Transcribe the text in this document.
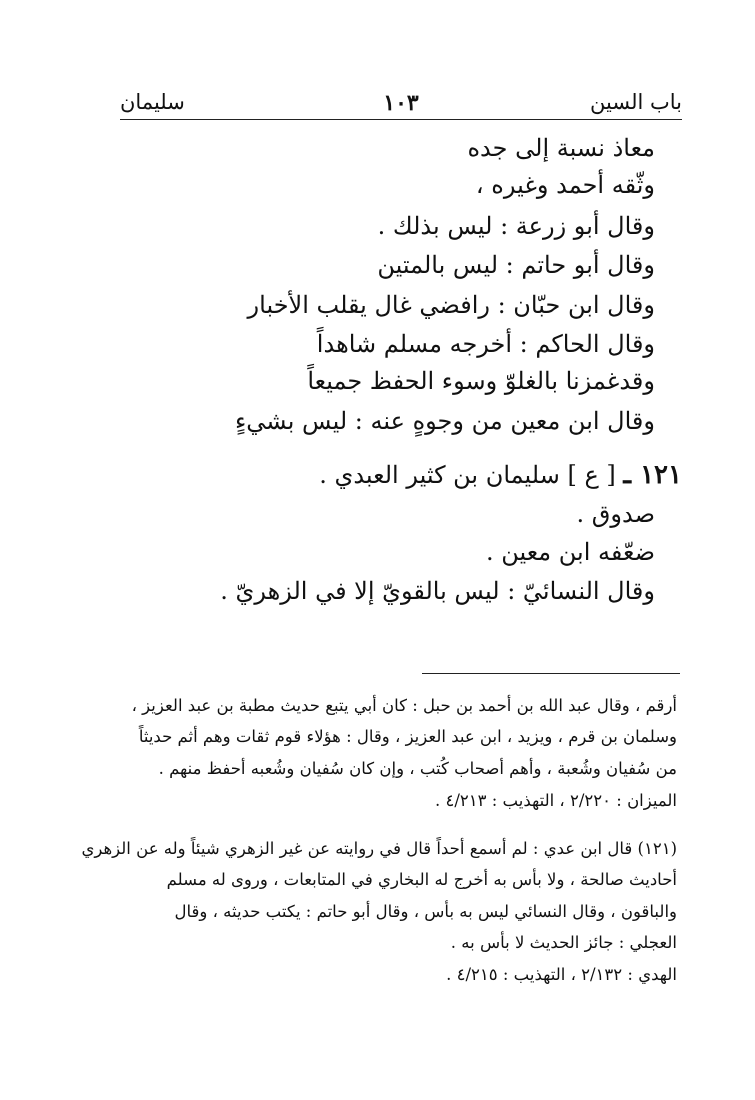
باب السين
١٠٣
سليمان
معاذ نسبة إلى جده
وثّقه أحمد وغيره ،
وقال أبو زرعة : ليس بذلك .
وقال أبو حاتم : ليس بالمتين
وقال ابن حبّان : رافضي غال يقلب الأخبار
وقال الحاكم : أخرجه مسلم شاهداً
وقدغمزنا بالغلوّ وسوء الحفظ جميعاً
وقال ابن معين من وجوهٍ عنه : ليس بشيءٍ
١٢١ ـ [ ع ] سليمان بن كثير العبدي .
صدوق .
ضعّفه ابن معين .
وقال النسائيّ : ليس بالقويّ إلا في الزهريّ .
أرقم ، وقال عبد الله بن أحمد بن حبل : كان أبي يتبع حديث مطبة بن عبد العزيز ،
وسلمان بن قرم ، ويزيد ، ابن عبد العزيز ، وقال : هؤلاء قوم ثقات وهم أثم حديثاً
من سُفيان وشُعبة ، وأهم أصحاب كُتب ، وإن كان سُفيان وشُعبه أحفظ منهم .
الميزان : ٢/٢٢٠ ، التهذيب : ٤/٢١٣ .
(١٢١) قال ابن عدي : لم أسمع أحداً قال في روايته عن غير الزهري شيئاً وله عن الزهري
أحاديث صالحة ، ولا بأس به أخرج له البخاري في المتابعات ، وروى له مسلم
والباقون ، وقال النسائي ليس به بأس ، وقال أبو حاتم : يكتب حديثه ، وقال
العجلي : جائز الحديث لا بأس به .
الهدي : ٢/١٣٢ ، التهذيب : ٤/٢١٥ .
